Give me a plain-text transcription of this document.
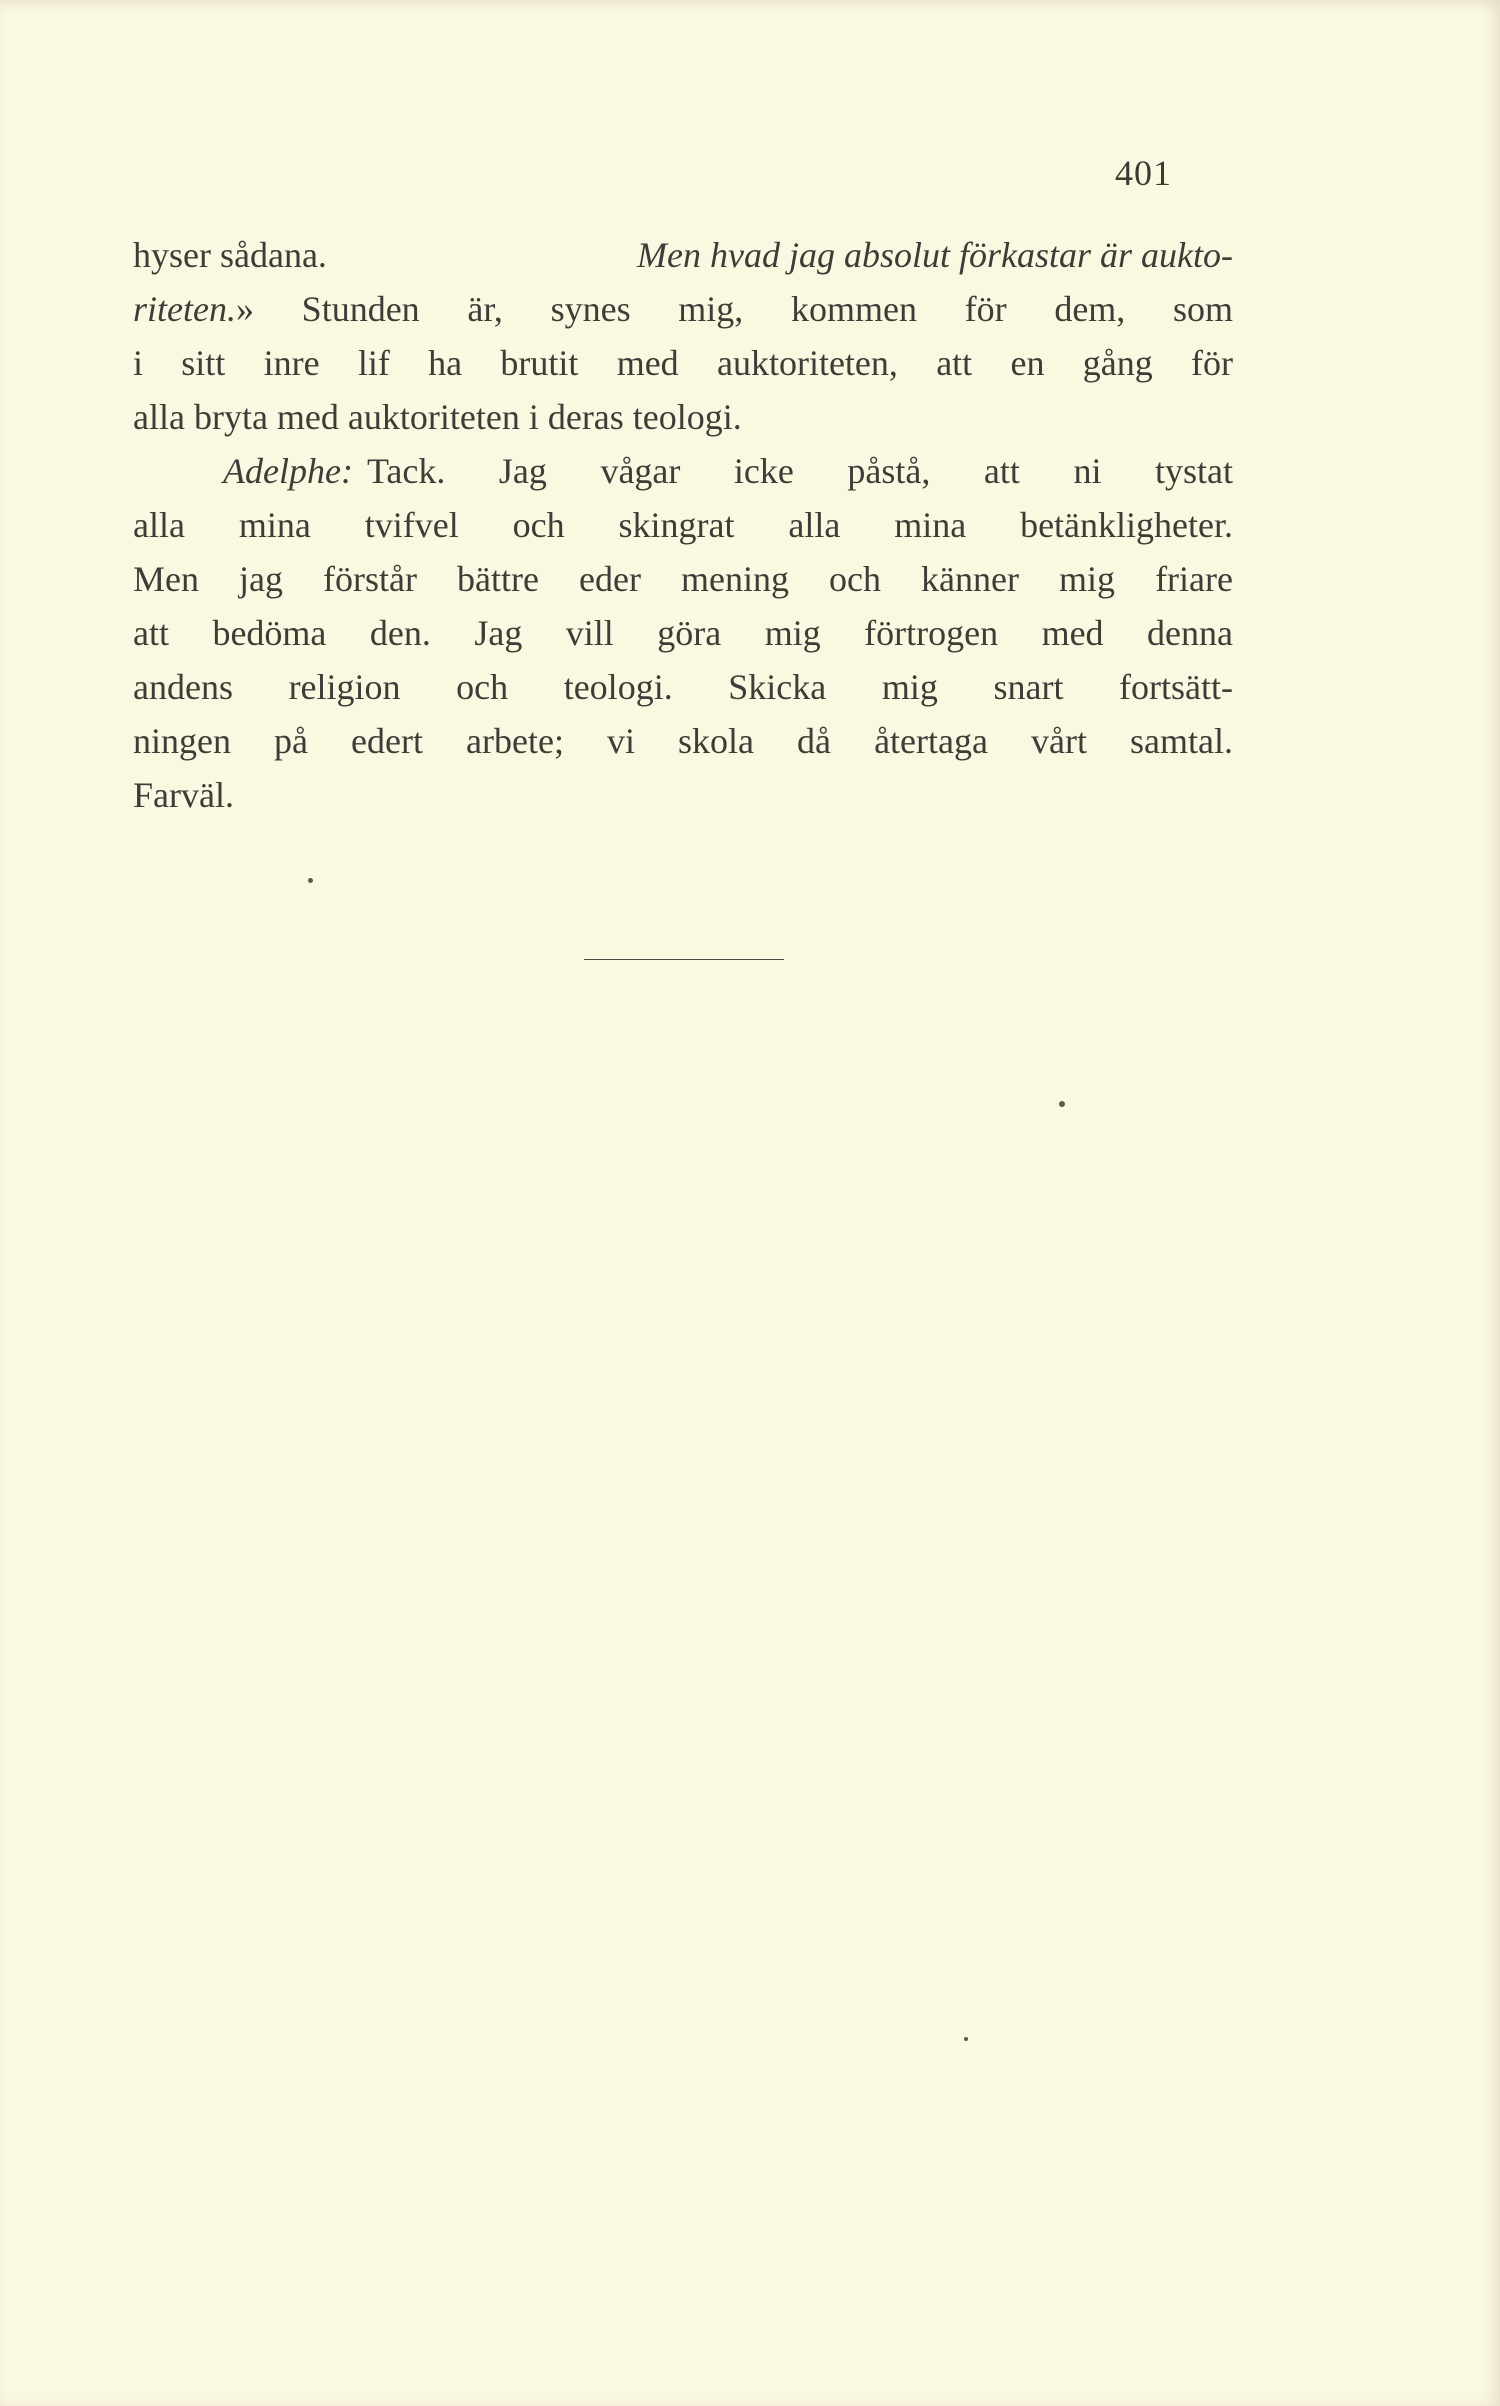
401
hyser sådana.	Men hvad jag absolut förkastar är aukto-
riteten. » Stunden är, synes mig, kommen för dem, som
i sitt inre lif ha brutit med auktoriteten, att en gång för
alla bryta med auktoriteten i deras teologi.
Adelphe: Tack. Jag vågar icke påstå, att ni tystat
alla mina tvifvel och skingrat alla mina betänkligheter.
Men jag förstår bättre eder mening och känner mig friare
att bedöma den. Jag vill göra mig förtrogen med denna
andens religion och teologi. Skicka mig snart fortsätt-
ningen på edert arbete; vi skola då återtaga vårt samtal.
Farväl.
